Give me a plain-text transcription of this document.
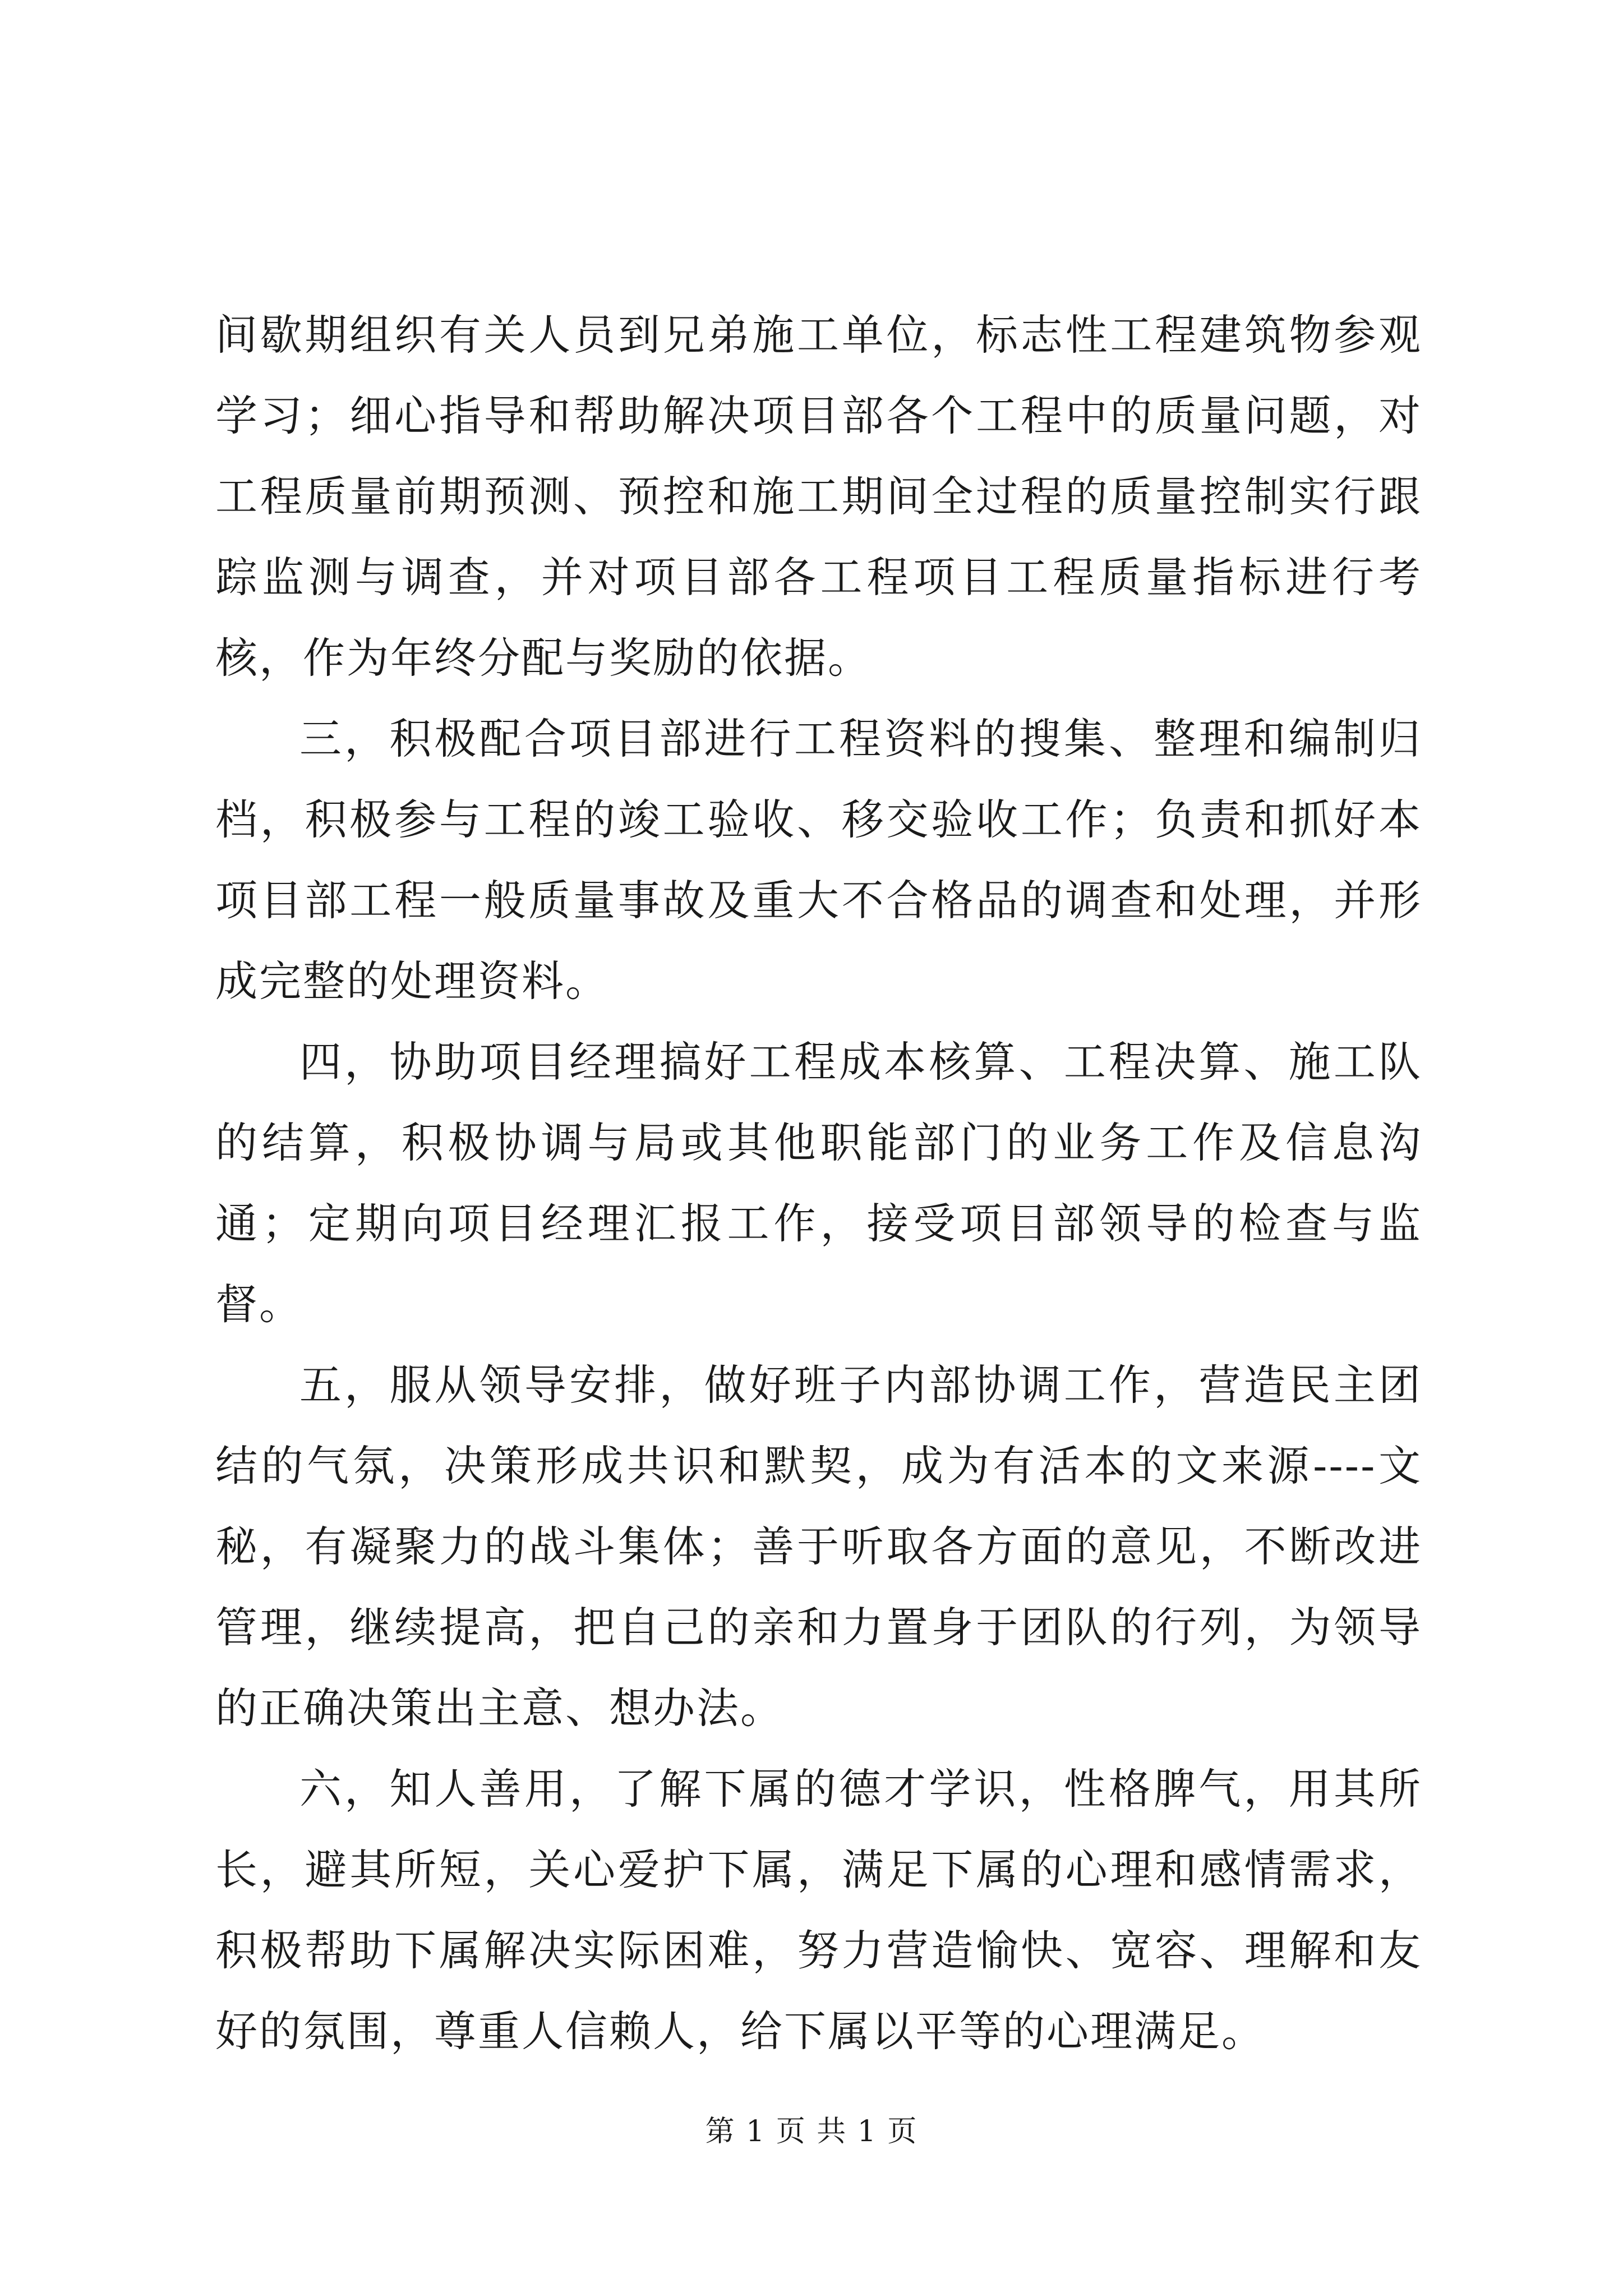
间歇期组织有关人员到兄弟施工单位，标志性工程建筑物参观学习；细心指导和帮助解决项目部各个工程中的质量问题，对工程质量前期预测、预控和施工期间全过程的质量控制实行跟踪监测与调查，并对项目部各工程项目工程质量指标进行考核，作为年终分配与奖励的依据。

三，积极配合项目部进行工程资料的搜集、整理和编制归档，积极参与工程的竣工验收、移交验收工作；负责和抓好本项目部工程一般质量事故及重大不合格品的调查和处理，并形成完整的处理资料。

四，协助项目经理搞好工程成本核算、工程决算、施工队的结算，积极协调与局或其他职能部门的业务工作及信息沟通；定期向项目经理汇报工作，接受项目部领导的检查与监督。

五，服从领导安排，做好班子内部协调工作，营造民主团结的气氛，决策形成共识和默契，成为有活本的文来源----文秘，有凝聚力的战斗集体；善于听取各方面的意见，不断改进管理，继续提高，把自己的亲和力置身于团队的行列，为领导的正确决策出主意、想办法。

六，知人善用，了解下属的德才学识，性格脾气，用其所长，避其所短，关心爱护下属，满足下属的心理和感情需求，积极帮助下属解决实际困难，努力营造愉快、宽容、理解和友好的氛围，尊重人信赖人，给下属以平等的心理满足。

第 1 页 共 1 页
